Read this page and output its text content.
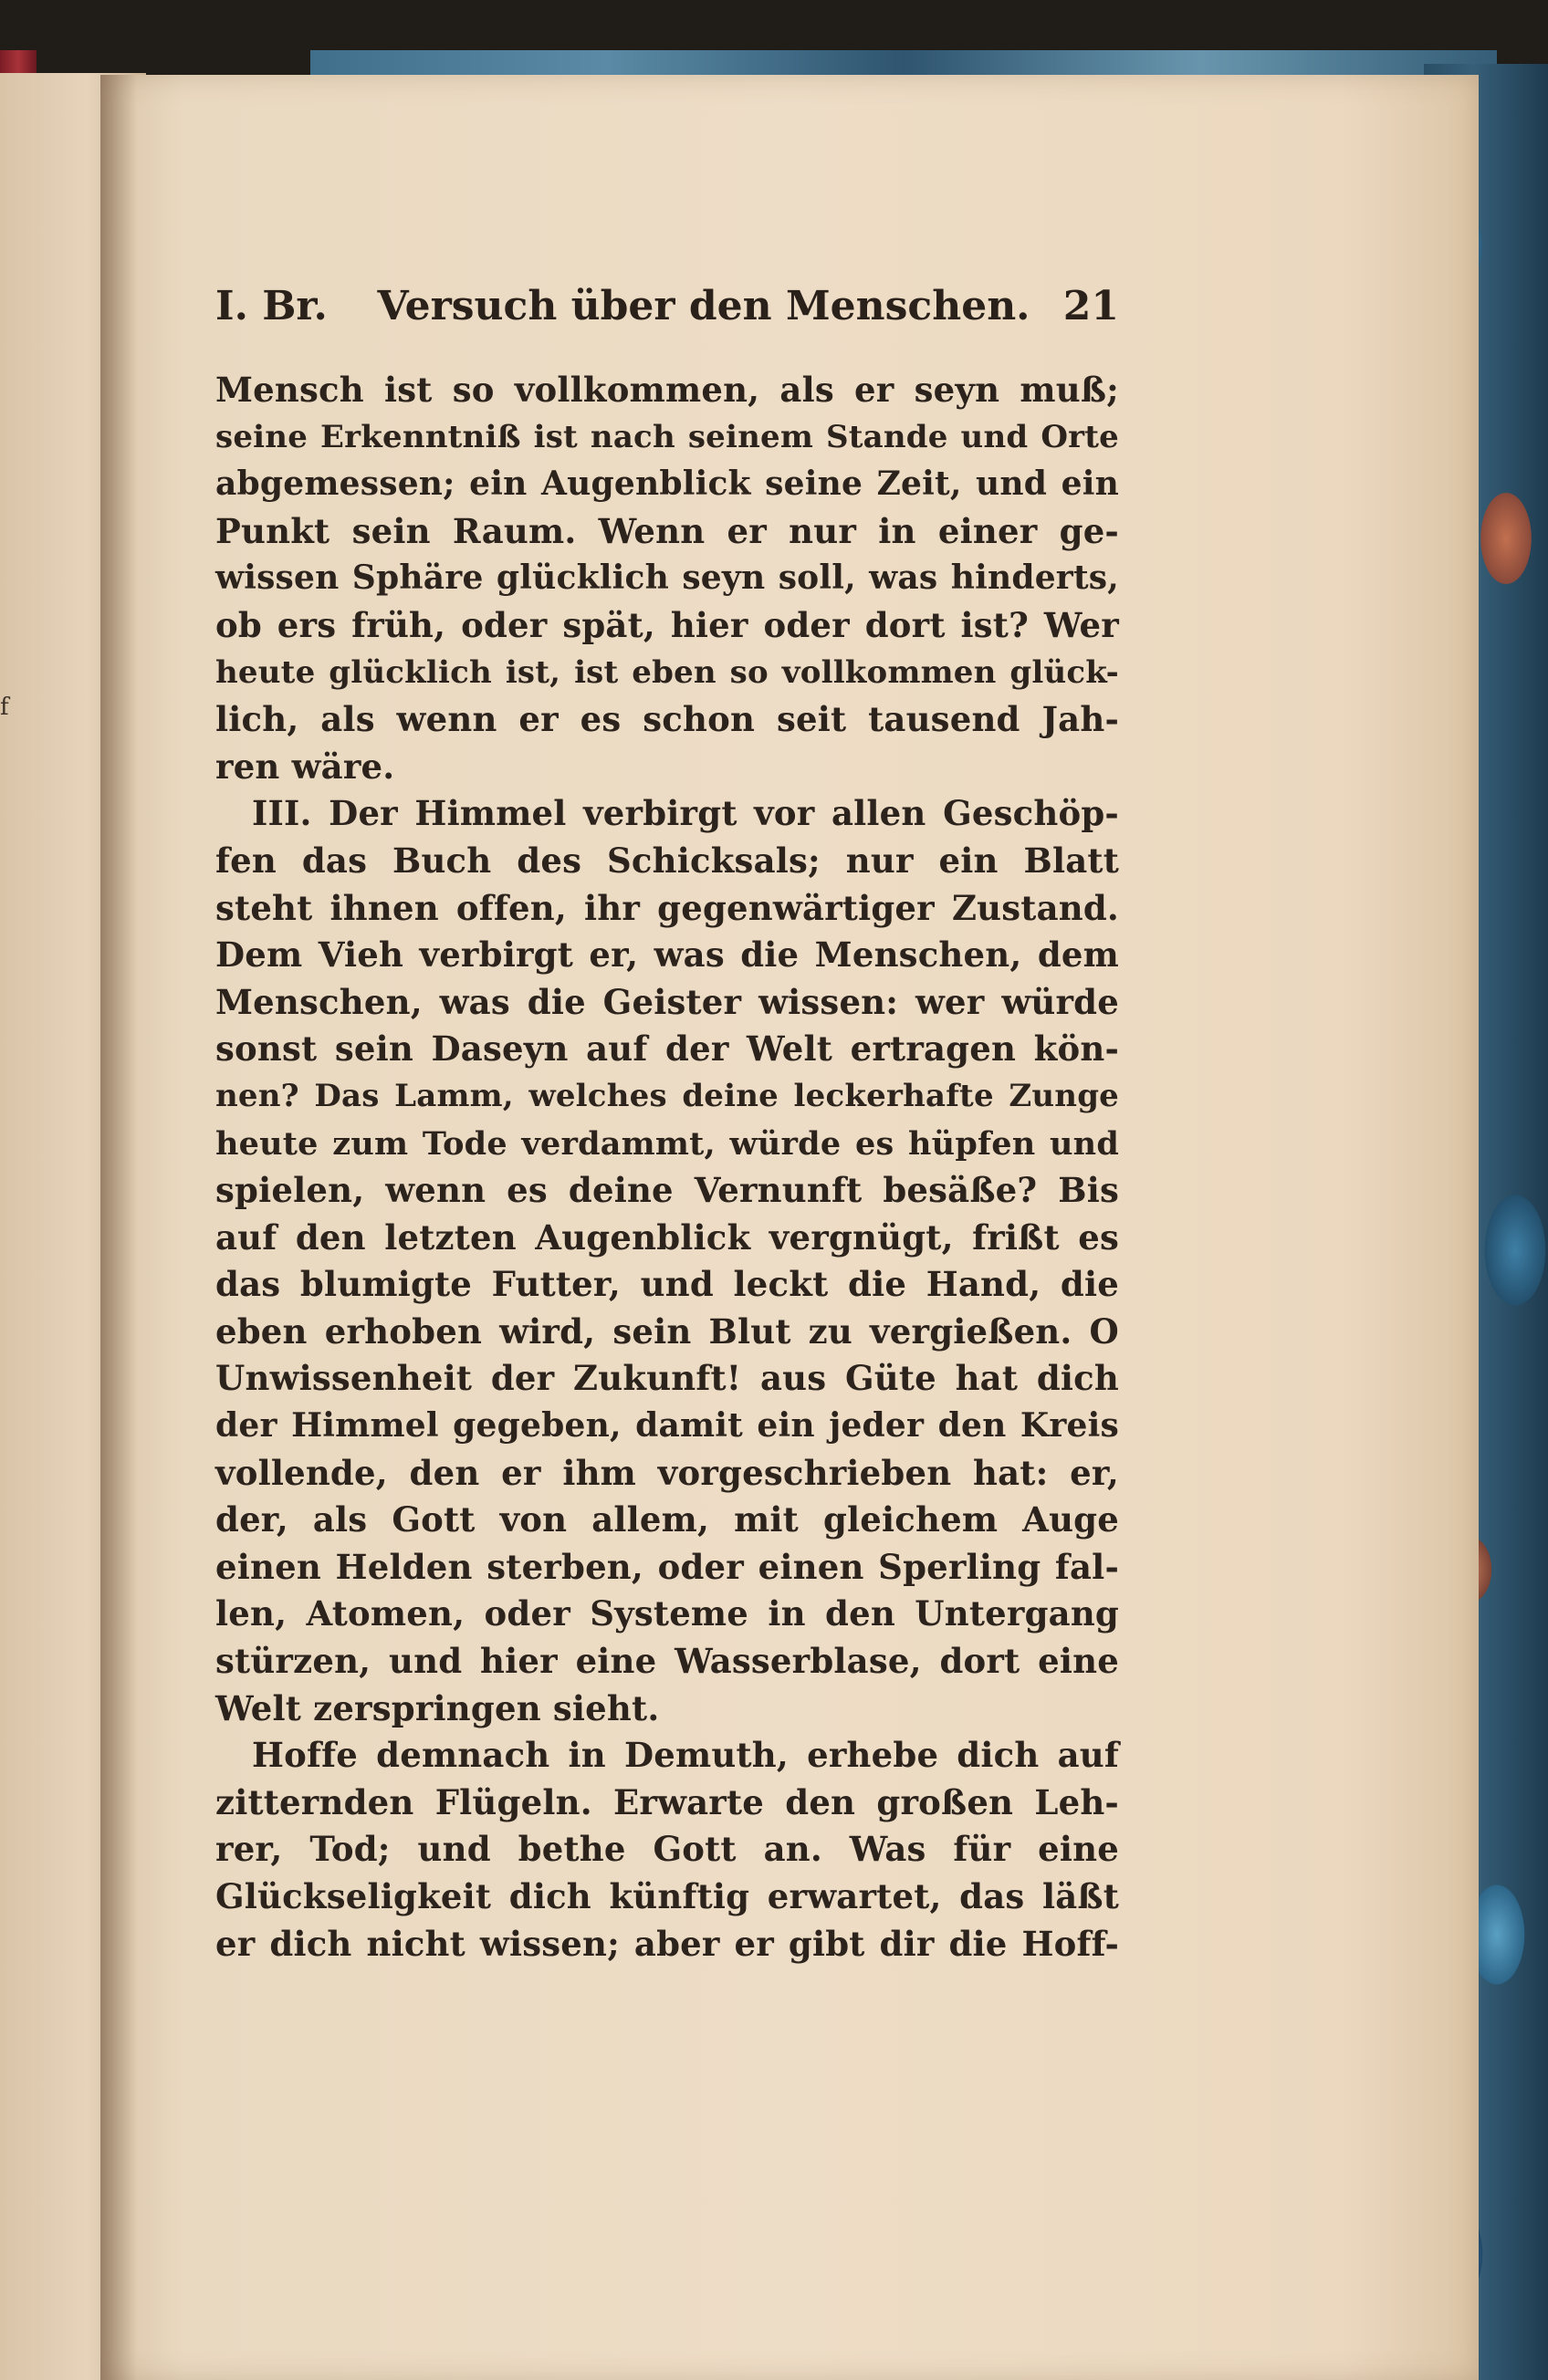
f
I. Br.	Versuch über den Menschen. 21
Mensch ist so vollkommen, als er seyn muß;
seine Erkenntniß ist nach seinem Stande und Orte
abgemessen; ein Augenblick seine Zeit, und ein
Punkt sein Raum. Wenn er nur in einer ge-
wissen Sphäre glücklich seyn soll, was hinderts,
ob ers früh, oder spät, hier oder dort ist? Wer
heute glücklich ist, ist eben so vollkommen glück-
lich, als wenn er es schon seit tausend Jah-
ren wäre.
III. Der Himmel verbirgt vor allen Geschöp-
fen das Buch des Schicksals; nur ein Blatt
steht ihnen offen, ihr gegenwärtiger Zustand.
Dem Vieh verbirgt er, was die Menschen, dem
Menschen, was die Geister wissen: wer würde
sonst sein Daseyn auf der Welt ertragen kön-
nen? Das Lamm, welches deine leckerhafte Zunge
heute zum Tode verdammt, würde es hüpfen und
spielen, wenn es deine Vernunft besäße? Bis
auf den letzten Augenblick vergnügt, frißt es
das blumigte Futter, und leckt die Hand, die
eben erhoben wird, sein Blut zu vergießen. O
Unwissenheit der Zukunft! aus Güte hat dich
der Himmel gegeben, damit ein jeder den Kreis
vollende, den er ihm vorgeschrieben hat: er,
der, als Gott von allem, mit gleichem Auge
einen Helden sterben, oder einen Sperling fal-
len, Atomen, oder Systeme in den Untergang
stürzen, und hier eine Wasserblase, dort eine
Welt zerspringen sieht.
Hoffe demnach in Demuth, erhebe dich auf
zitternden Flügeln. Erwarte den großen Leh-
rer, Tod; und bethe Gott an. Was für eine
Glückseligkeit dich künftig erwartet, das läßt
er dich nicht wissen; aber er gibt dir die Hoff-
